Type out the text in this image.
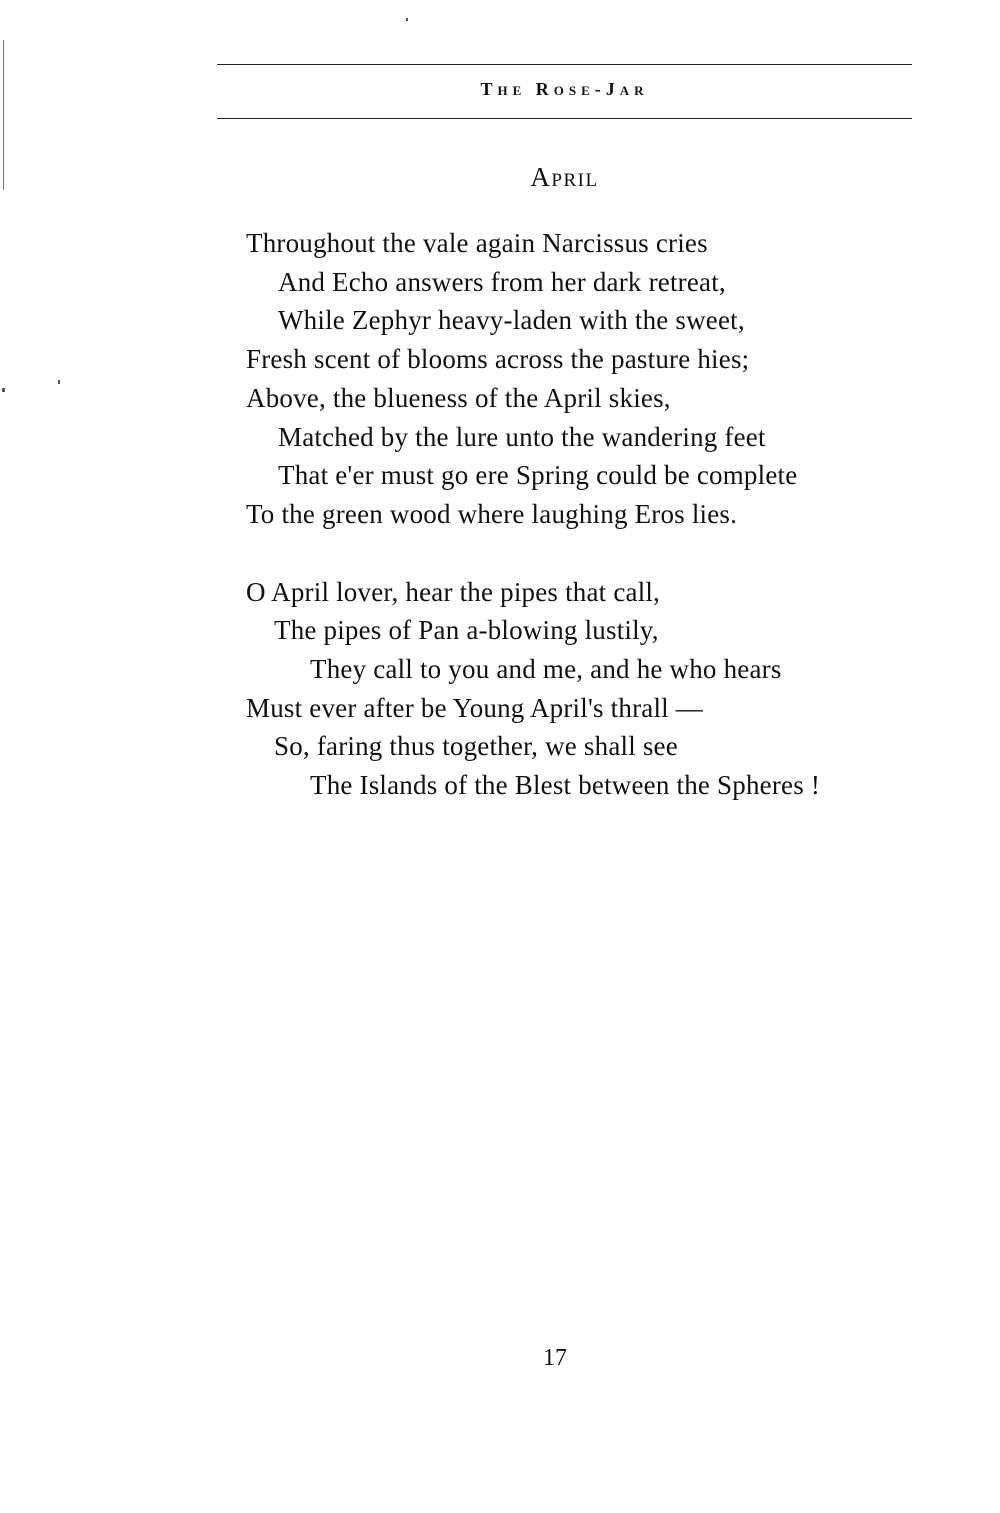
The Rose-Jar
April
Throughout the vale again Narcissus cries
And Echo answers from her dark retreat,
While Zephyr heavy-laden with the sweet,
Fresh scent of blooms across the pasture hies;
Above, the blueness of the April skies,
Matched by the lure unto the wandering feet
That e'er must go ere Spring could be complete
To the green wood where laughing Eros lies.
O April lover, hear the pipes that call,
The pipes of Pan a-blowing lustily,
They call to you and me, and he who hears
Must ever after be Young April's thrall —
So, faring thus together, we shall see
The Islands of the Blest between the Spheres !
17
